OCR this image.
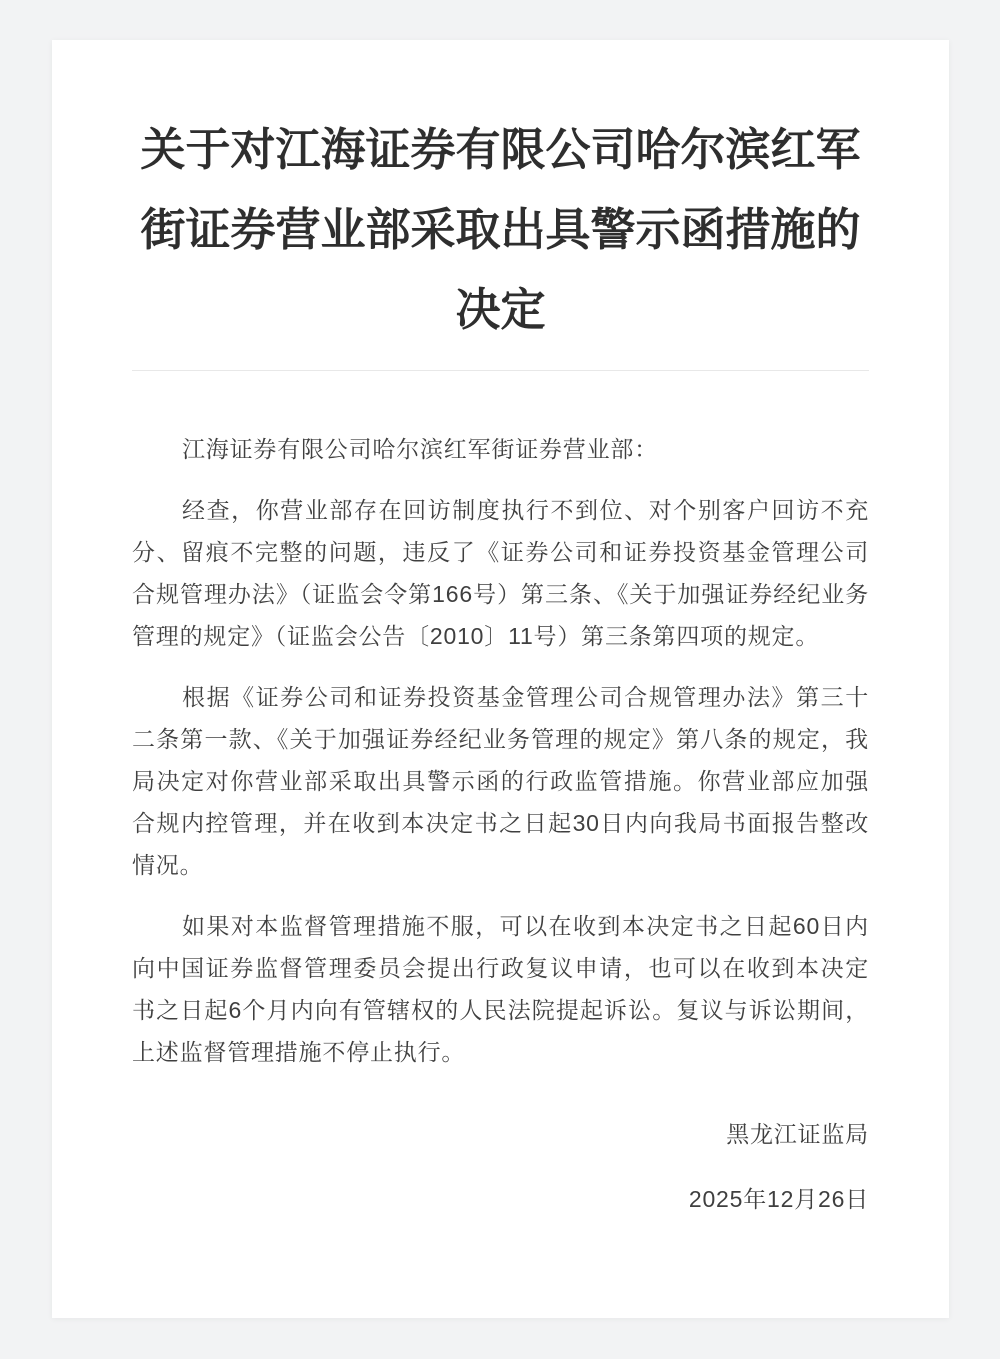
关于对江海证券有限公司哈尔滨红军街证券营业部采取出具警示函措施的决定

江海证券有限公司哈尔滨红军街证券营业部：

经查，你营业部存在回访制度执行不到位、对个别客户回访不充分、留痕不完整的问题，违反了《证券公司和证券投资基金管理公司合规管理办法》（证监会令第166号）第三条、《关于加强证券经纪业务管理的规定》（证监会公告〔2010〕11号）第三条第四项的规定。

根据《证券公司和证券投资基金管理公司合规管理办法》第三十二条第一款、《关于加强证券经纪业务管理的规定》第八条的规定，我局决定对你营业部采取出具警示函的行政监管措施。你营业部应加强合规内控管理，并在收到本决定书之日起30日内向我局书面报告整改情况。

如果对本监督管理措施不服，可以在收到本决定书之日起60日内向中国证券监督管理委员会提出行政复议申请，也可以在收到本决定书之日起6个月内向有管辖权的人民法院提起诉讼。复议与诉讼期间，上述监督管理措施不停止执行。

黑龙江证监局
2025年12月26日
